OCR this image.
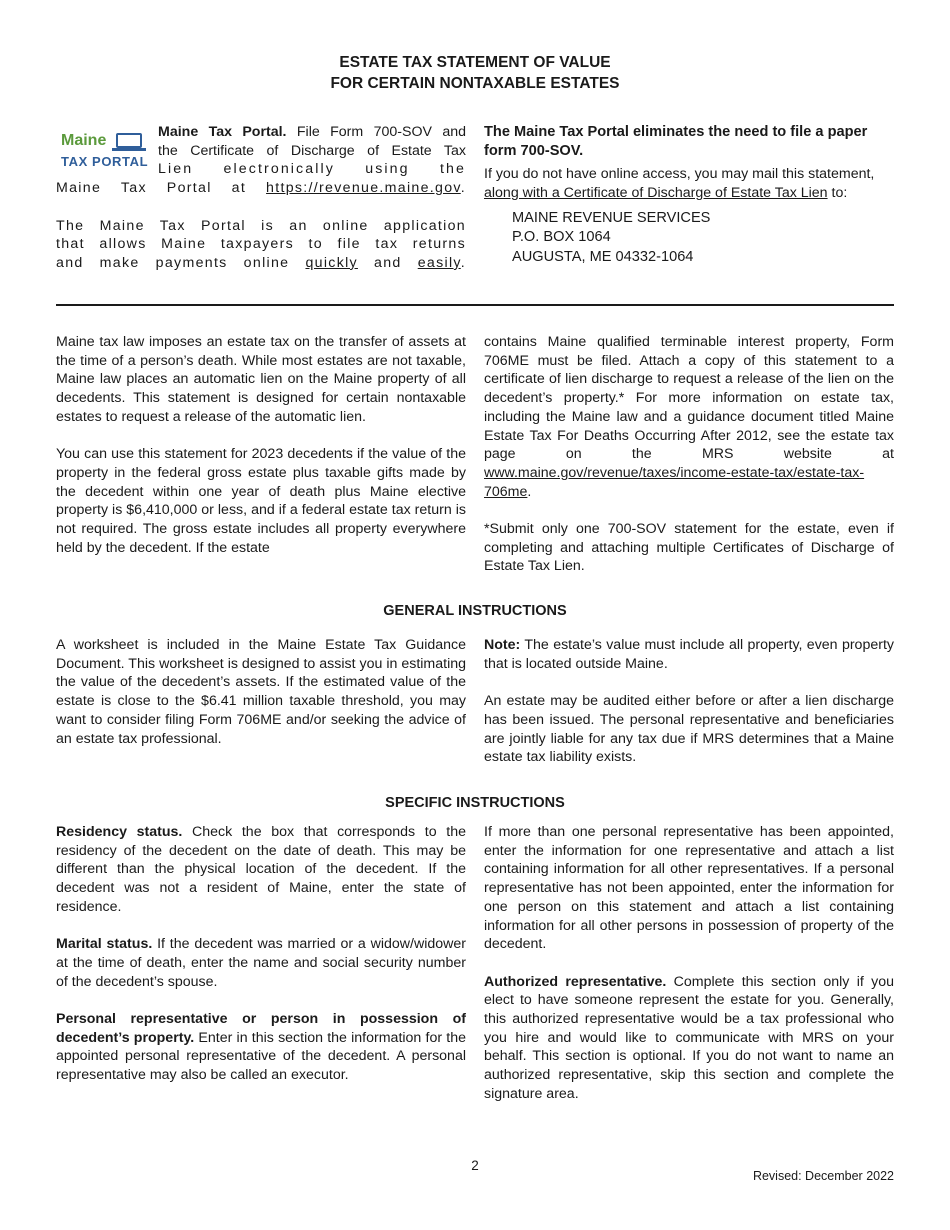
ESTATE TAX STATEMENT OF VALUE
FOR CERTAIN NONTAXABLE ESTATES
Maine
TAX PORTAL

Maine Tax Portal. File Form 700-SOV and
the Certificate of Discharge of Estate Tax
Lien electronically using the
Maine Tax Portal at https://revenue.maine.gov.

The Maine Tax Portal is an online application
that allows Maine taxpayers to file tax returns
and make payments online quickly and easily.

The Maine Tax Portal eliminates the need to file a paper form 700-SOV.

If you do not have online access, you may mail this statement, along with a Certificate of Discharge of Estate Tax Lien to:

MAINE REVENUE SERVICES
P.O. BOX 1064
AUGUSTA, ME 04332-1064

Maine tax law imposes an estate tax on the transfer of assets at the time of a person’s death. While most estates are not taxable, Maine law places an automatic lien on the Maine property of all decedents. This statement is designed for certain nontaxable estates to request a release of the automatic lien.

You can use this statement for 2023 decedents if the value of the property in the federal gross estate plus taxable gifts made by the decedent within one year of death plus Maine elective property is $6,410,000 or less, and if a federal estate tax return is not required. The gross estate includes all property everywhere held by the decedent. If the estate

contains Maine qualified terminable interest property, Form 706ME must be filed. Attach a copy of this statement to a certificate of lien discharge to request a release of the lien on the decedent’s property.* For more information on estate tax, including the Maine law and a guidance document titled Maine Estate Tax For Deaths Occurring After 2012, see the estate tax page on the MRS website at www.maine.gov/revenue/taxes/income-estate-tax/estate-tax-706me.

*Submit only one 700-SOV statement for the estate, even if completing and attaching multiple Certificates of Discharge of Estate Tax Lien.

GENERAL INSTRUCTIONS

A worksheet is included in the Maine Estate Tax Guidance Document. This worksheet is designed to assist you in estimating the value of the decedent’s assets. If the estimated value of the estate is close to the $6.41 million taxable threshold, you may want to consider filing Form 706ME and/or seeking the advice of an estate tax professional.

Note: The estate’s value must include all property, even property that is located outside Maine.

An estate may be audited either before or after a lien discharge has been issued. The personal representative and beneficiaries are jointly liable for any tax due if MRS determines that a Maine estate tax liability exists.

SPECIFIC INSTRUCTIONS

Residency status. Check the box that corresponds to the residency of the decedent on the date of death. This may be different than the physical location of the decedent. If the decedent was not a resident of Maine, enter the state of residence.

Marital status. If the decedent was married or a widow/widower at the time of death, enter the name and social security number of the decedent’s spouse.

Personal representative or person in possession of decedent’s property. Enter in this section the information for the appointed personal representative of the decedent. A personal representative may also be called an executor.

If more than one personal representative has been appointed, enter the information for one representative and attach a list containing information for all other representatives. If a personal representative has not been appointed, enter the information for one person on this statement and attach a list containing information for all other persons in possession of property of the decedent.

Authorized representative. Complete this section only if you elect to have someone represent the estate for you. Generally, this authorized representative would be a tax professional who you hire and would like to communicate with MRS on your behalf. This section is optional. If you do not want to name an authorized representative, skip this section and complete the signature area.

2
Revised: December 2022
